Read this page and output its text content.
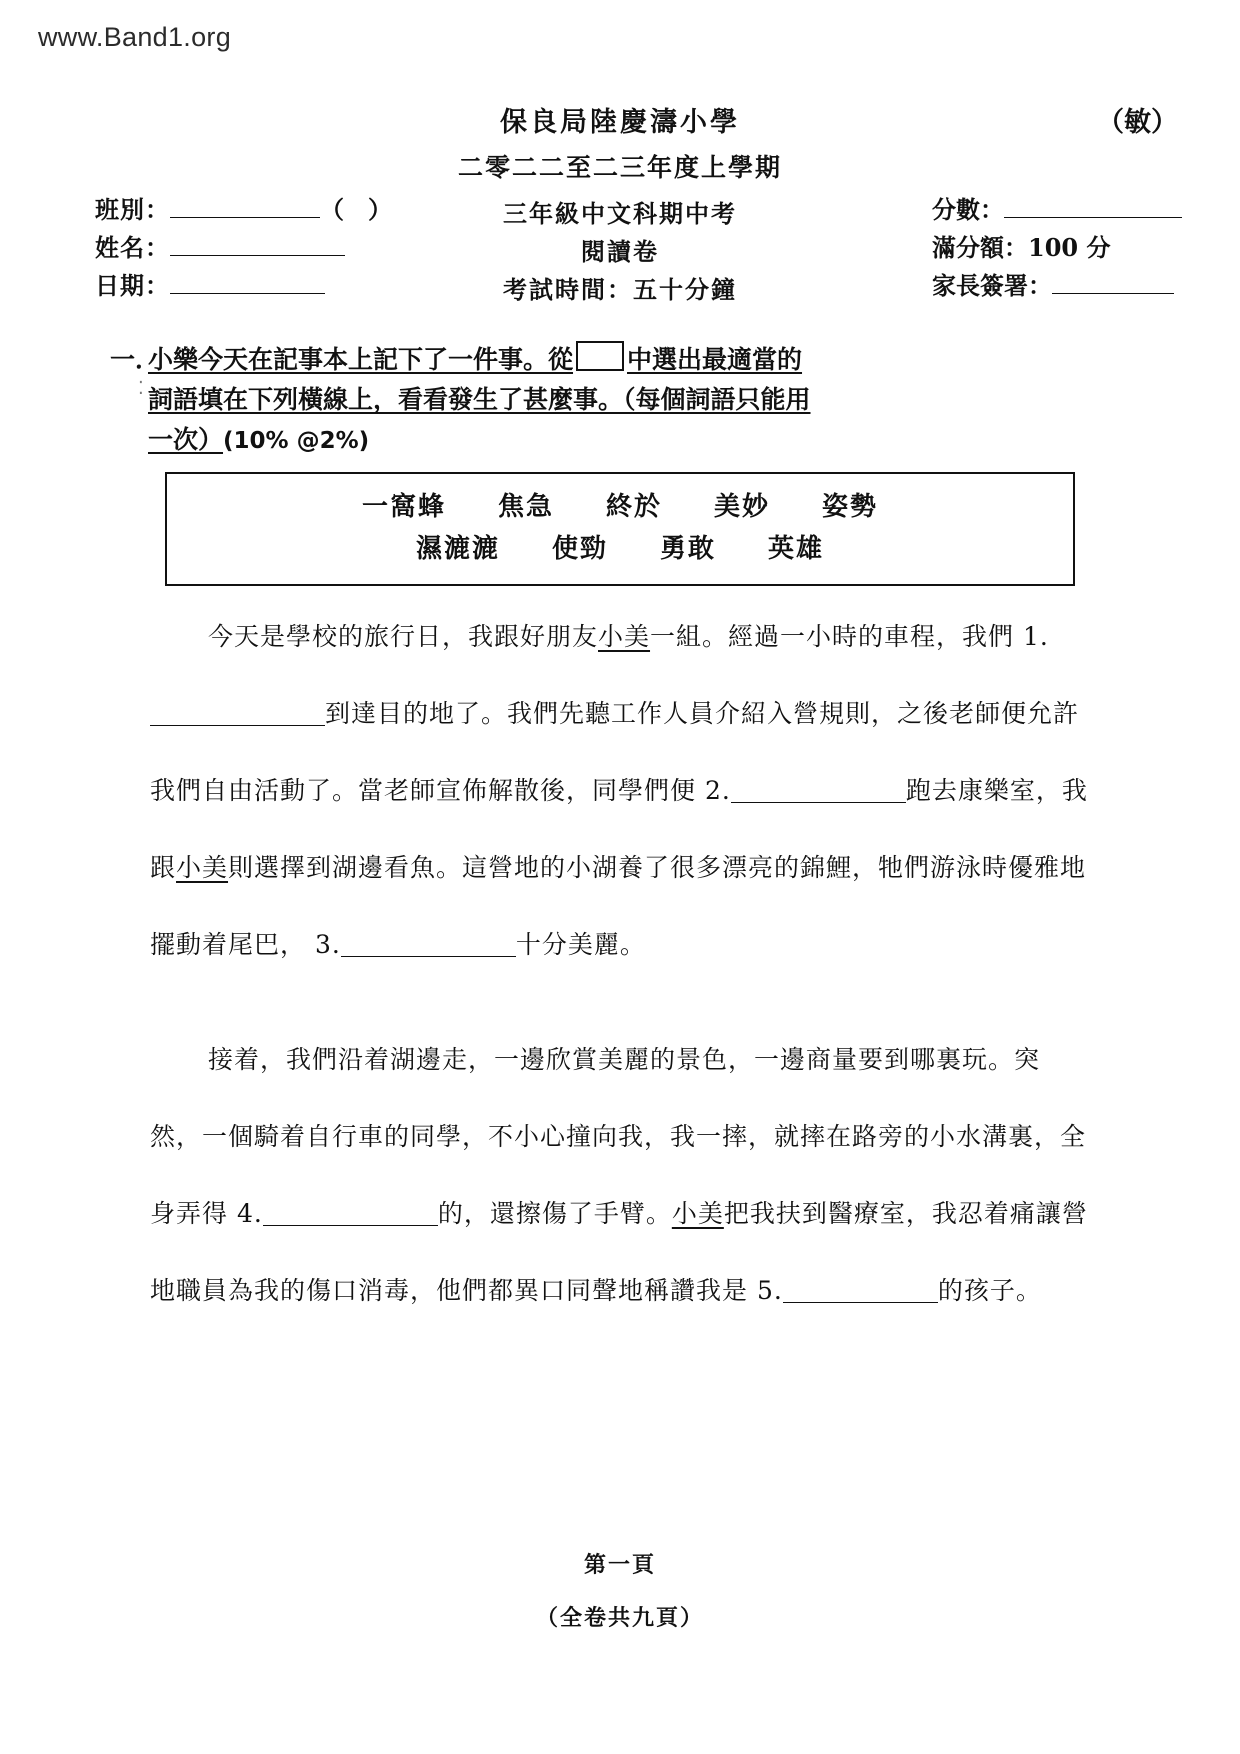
www.Band1.org
保良局陸慶濤小學	（敏）
二零二二至二三年度上學期
班別：	（　）
姓名：
日期：
三年級中文科期中考
閱讀卷
考試時間：五十分鐘
分數：
滿分額： 100 分
家長簽署：
⁚
一．
小樂今天在記事本上記下了一件事。從 中選出最適當的
詞語填在下列橫線上，看看發生了甚麼事。（每個詞語只能用
一次）(10% @2%)
一窩蜂 焦急 終於 美妙 姿勢
濕漉漉 使勁 勇敢 英雄

今天是學校的旅行日，我跟好朋友小美一組。經過一小時的車程，我們 1.到達目的地了。我們先聽工作人員介紹入營規則，之後老師便允許我們自由活動了。當老師宣佈解散後，同學們便 2.	跑去康樂室，我跟小美則選擇到湖邊看魚。這營地的小湖養了很多漂亮的錦鯉，牠們游泳時優雅地擺動着尾巴， 3.	十分美麗。

接着，我們沿着湖邊走，一邊欣賞美麗的景色，一邊商量要到哪裏玩。突然，一個騎着自行車的同學，不小心撞向我，我一摔，就摔在路旁的小水溝裏，全身弄得 4.	的，還擦傷了手臂。小美把我扶到醫療室，我忍着痛讓營地職員為我的傷口消毒，他們都異口同聲地稱讚我是 5.	的孩子。

第一頁
（全卷共九頁）
